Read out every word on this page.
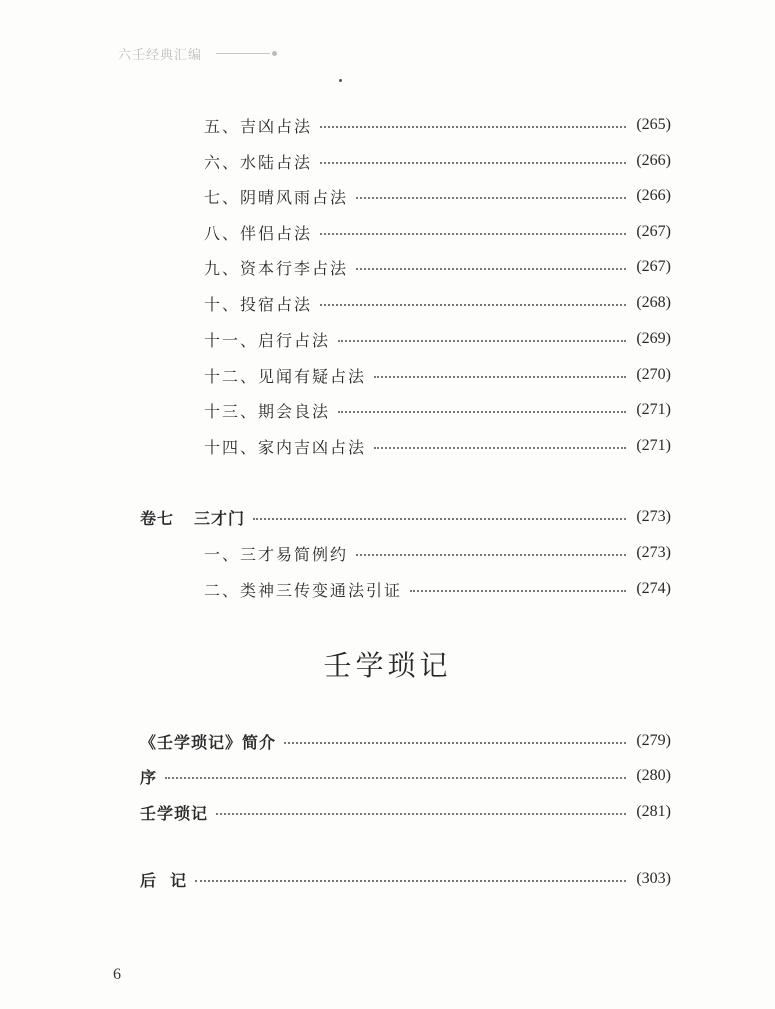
六壬经典汇编
五、吉凶占法	(265)
六、水陆占法	(266)
七、阴晴风雨占法	(266)
八、伴侣占法	(267)
九、资本行李占法	(267)
十、投宿占法	(268)
十一、启行占法	(269)
十二、见闻有疑占法	(270)
十三、期会良法	(271)
十四、家内吉凶占法	(271)
卷七 三才门	(273)
一、三才易简例约	(273)
二、类神三传变通法引证	(274)
壬学琐记
《壬学琐记》简介	(279)
序	(280)
壬学琐记	(281)
后  记	(303)
6
